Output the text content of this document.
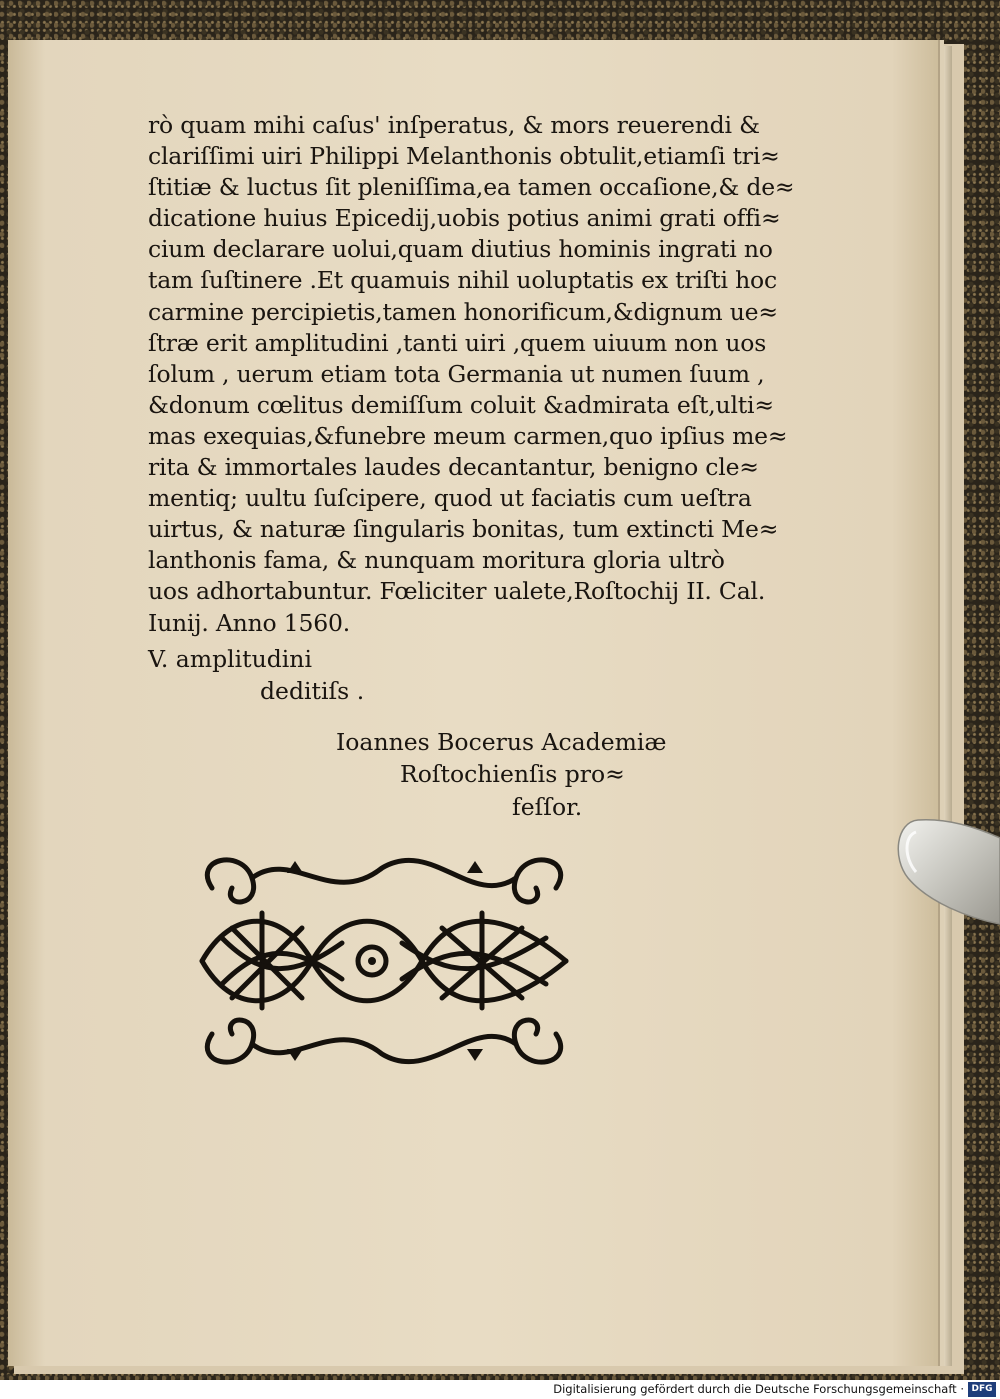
rò quam mihi caſus' inſperatus, & mors reuerendi &
clariſſimi uiri Philippi Melanthonis obtulit,etiamſi tri≈
ſtitiæ & luctus ſit pleniſſima,ea tamen occaſione,& de≈
dicatione huius Epicedij,uobis potius animi grati offi≈
cium declarare uolui,quam diutius hominis ingrati no
tam ſuſtinere .Et quamuis nihil uoluptatis ex triſti hoc
carmine percipietis,tamen honorificum,&dignum ue≈
ſtræ erit amplitudini ,tanti uiri ,quem uiuum non uos
ſolum , uerum etiam tota Germania ut numen ſuum ,
&donum cœlitus demiſſum coluit &admirata eſt,ulti≈
mas exequias,&funebre meum carmen,quo ipſius me≈
rita & immortales laudes decantantur, benigno cle≈
mentiq; uultu ſuſcipere, quod ut faciatis cum ueſtra
uirtus, & naturæ ſingularis bonitas, tum extincti Me≈
lanthonis fama, & nunquam moritura gloria ultrò
uos adhortabuntur. Fœliciter ualete,Roſtochij II. Cal.
Iunij. Anno 1560.
V. amplitudini
deditiſs .
Ioannes Bocerus Academiæ
Roſtochienſis pro≈
feſſor.
Digitalisierung gefördert durch die Deutsche Forschungsgemeinschaft · DFG
